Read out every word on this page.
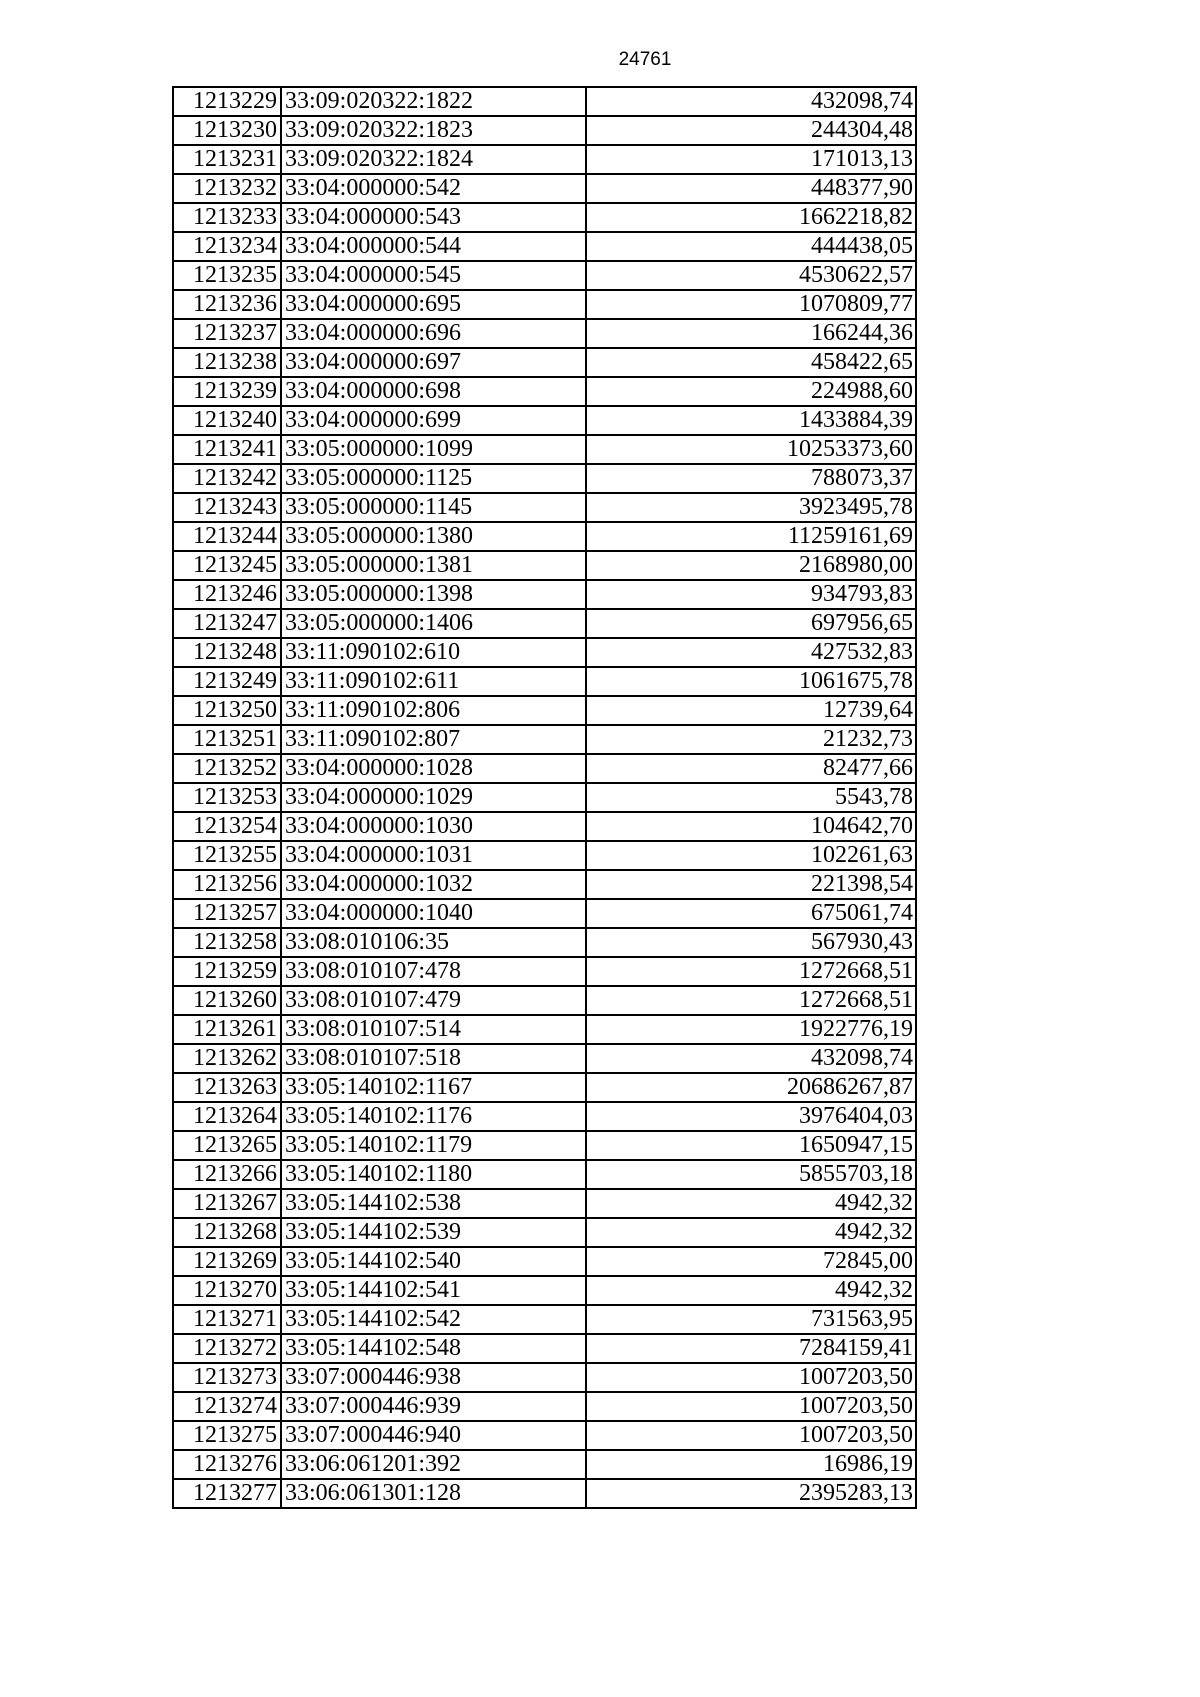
24761
1213229	33:09:020322:1822	432098,74
1213230	33:09:020322:1823	244304,48
1213231	33:09:020322:1824	171013,13
1213232	33:04:000000:542	448377,90
1213233	33:04:000000:543	1662218,82
1213234	33:04:000000:544	444438,05
1213235	33:04:000000:545	4530622,57
1213236	33:04:000000:695	1070809,77
1213237	33:04:000000:696	166244,36
1213238	33:04:000000:697	458422,65
1213239	33:04:000000:698	224988,60
1213240	33:04:000000:699	1433884,39
1213241	33:05:000000:1099	10253373,60
1213242	33:05:000000:1125	788073,37
1213243	33:05:000000:1145	3923495,78
1213244	33:05:000000:1380	11259161,69
1213245	33:05:000000:1381	2168980,00
1213246	33:05:000000:1398	934793,83
1213247	33:05:000000:1406	697956,65
1213248	33:11:090102:610	427532,83
1213249	33:11:090102:611	1061675,78
1213250	33:11:090102:806	12739,64
1213251	33:11:090102:807	21232,73
1213252	33:04:000000:1028	82477,66
1213253	33:04:000000:1029	5543,78
1213254	33:04:000000:1030	104642,70
1213255	33:04:000000:1031	102261,63
1213256	33:04:000000:1032	221398,54
1213257	33:04:000000:1040	675061,74
1213258	33:08:010106:35	567930,43
1213259	33:08:010107:478	1272668,51
1213260	33:08:010107:479	1272668,51
1213261	33:08:010107:514	1922776,19
1213262	33:08:010107:518	432098,74
1213263	33:05:140102:1167	20686267,87
1213264	33:05:140102:1176	3976404,03
1213265	33:05:140102:1179	1650947,15
1213266	33:05:140102:1180	5855703,18
1213267	33:05:144102:538	4942,32
1213268	33:05:144102:539	4942,32
1213269	33:05:144102:540	72845,00
1213270	33:05:144102:541	4942,32
1213271	33:05:144102:542	731563,95
1213272	33:05:144102:548	7284159,41
1213273	33:07:000446:938	1007203,50
1213274	33:07:000446:939	1007203,50
1213275	33:07:000446:940	1007203,50
1213276	33:06:061201:392	16986,19
1213277	33:06:061301:128	2395283,13
